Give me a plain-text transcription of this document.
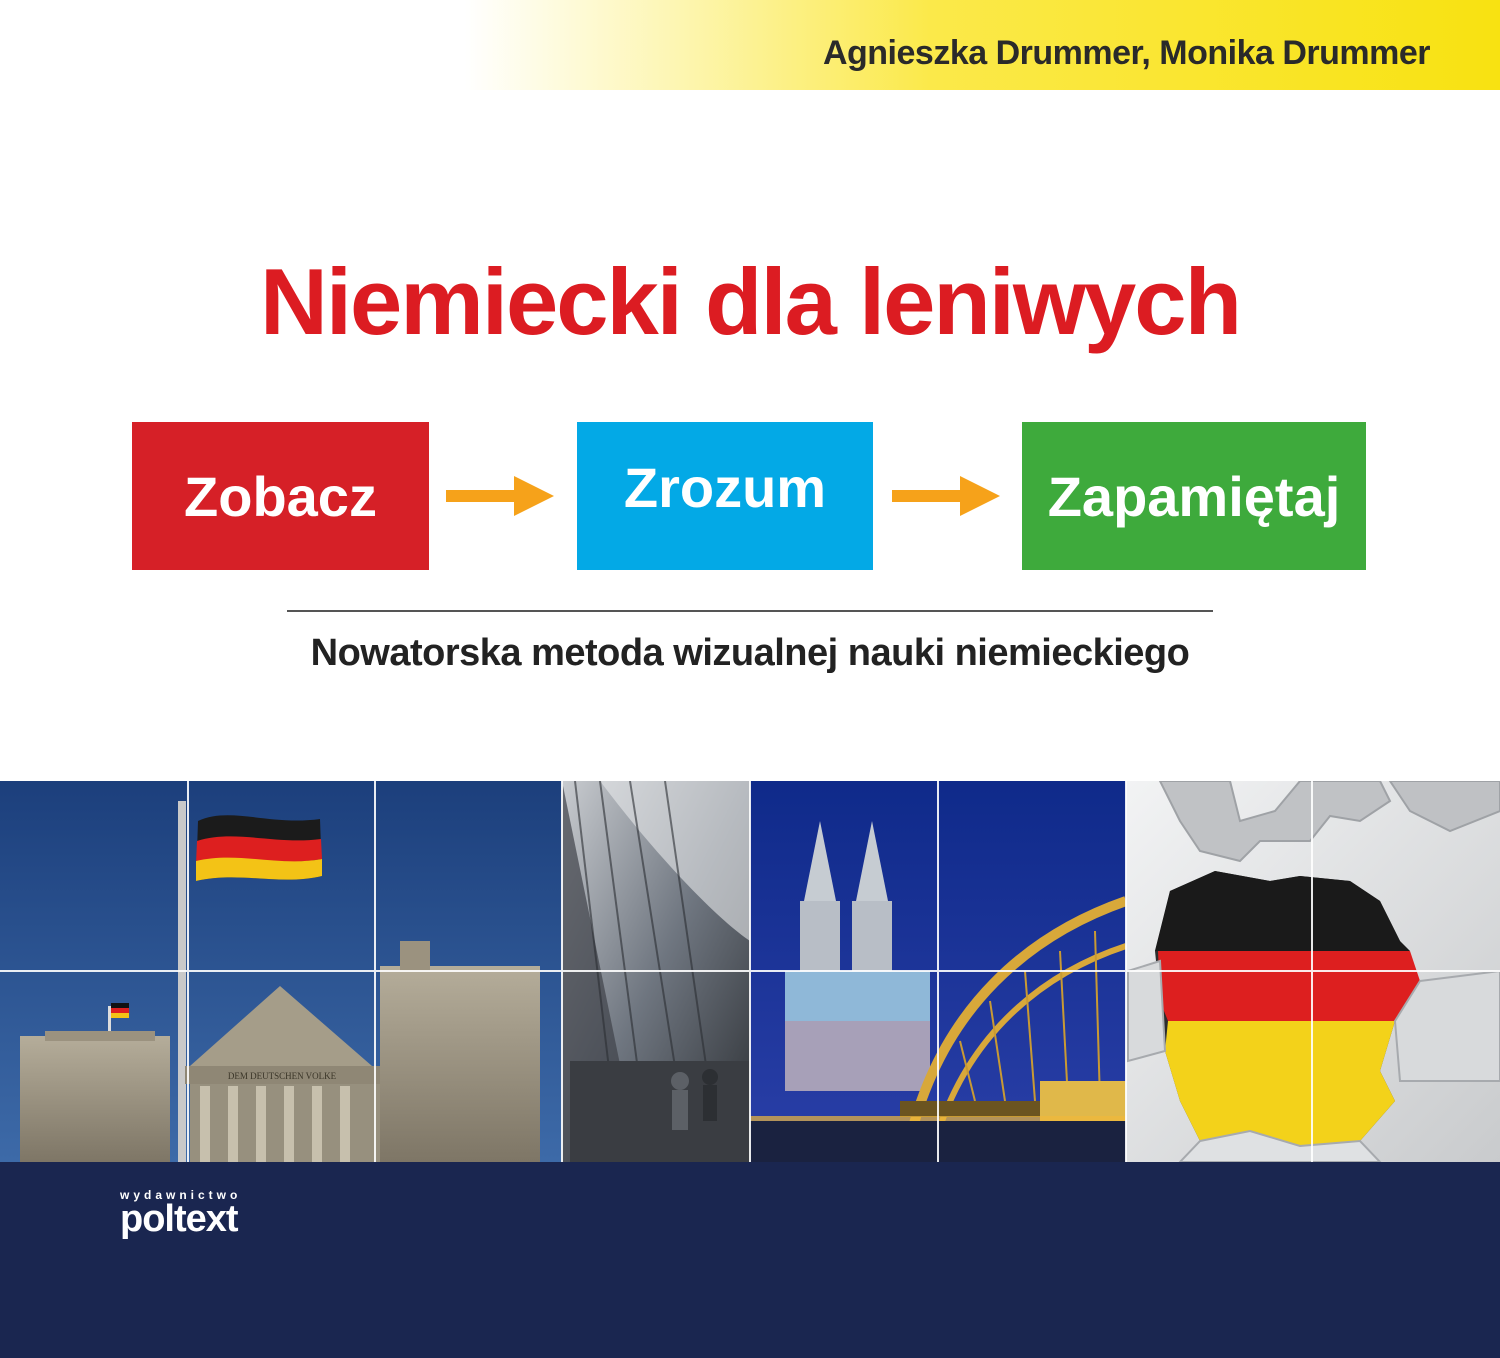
Agnieszka Drummer, Monika Drummer
Niemiecki dla leniwych
Zobacz	Zrozum	Zapamiętaj
Nowatorska metoda wizualnej nauki niemieckiego
DEM DEUTSCHEN VOLKE
wydawnictwo
poltext
